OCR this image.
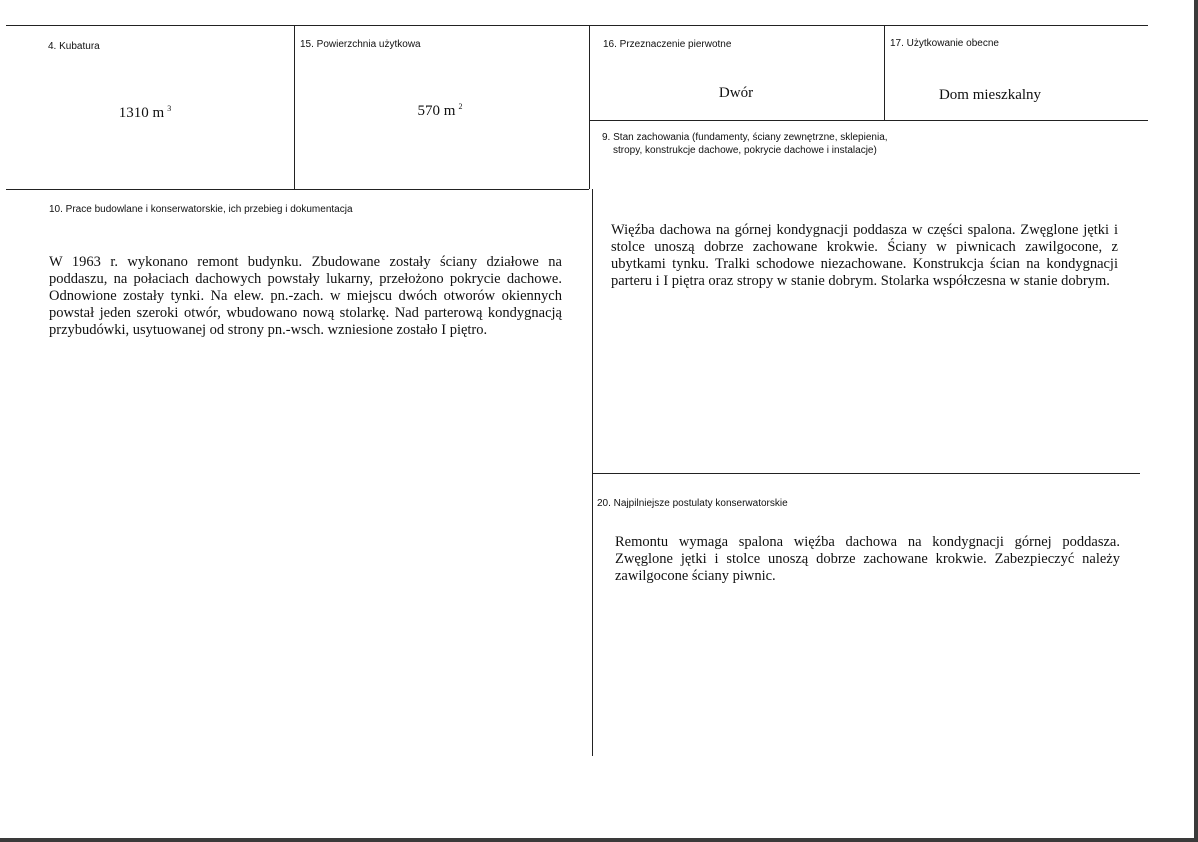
4. Kubatura
1310 m $^3$
15. Powierzchnia użytkowa
570 m $^2$
16. Przeznaczenie pierwotne
Dwór
17. Użytkowanie obecne
Dom mieszkalny
9. Stan zachowania (fundamenty, ściany zewnętrzne, sklepienia,
stropy, konstrukcje dachowe, pokrycie dachowe i instalacje)

Więźba dachowa na górnej kondygnacji poddasza w części spalona. Zwęglone jętki i stolce unoszą dobrze zachowane krokwie. Ściany w piwnicach zawilgocone, z ubytkami tynku. Tralki schodowe niezachowane. Konstrukcja ścian na kondygnacji parteru i I piętra oraz stropy w stanie dobrym. Stolarka współczesna w stanie dobrym.

10. Prace budowlane i konserwatorskie, ich przebieg i dokumentacja

W 1963 r. wykonano remont budynku. Zbudowane zostały ściany działowe na poddaszu, na połaciach dachowych powstały lukarny, przełożono pokrycie dachowe. Odnowione zostały tynki. Na elew. pn.-zach. w miejscu dwóch otworów okiennych powstał jeden szeroki otwór, wbudowano nową stolarkę. Nad parterową kondygnacją przybudówki, usytuowanej od strony pn.-wsch. wzniesione zostało I piętro.

20. Najpilniejsze postulaty konserwatorskie

Remontu wymaga spalona więźba dachowa na kondygnacji górnej poddasza. Zwęglone jętki i stolce unoszą dobrze zachowane krokwie. Zabezpieczyć należy zawilgocone ściany piwnic.
